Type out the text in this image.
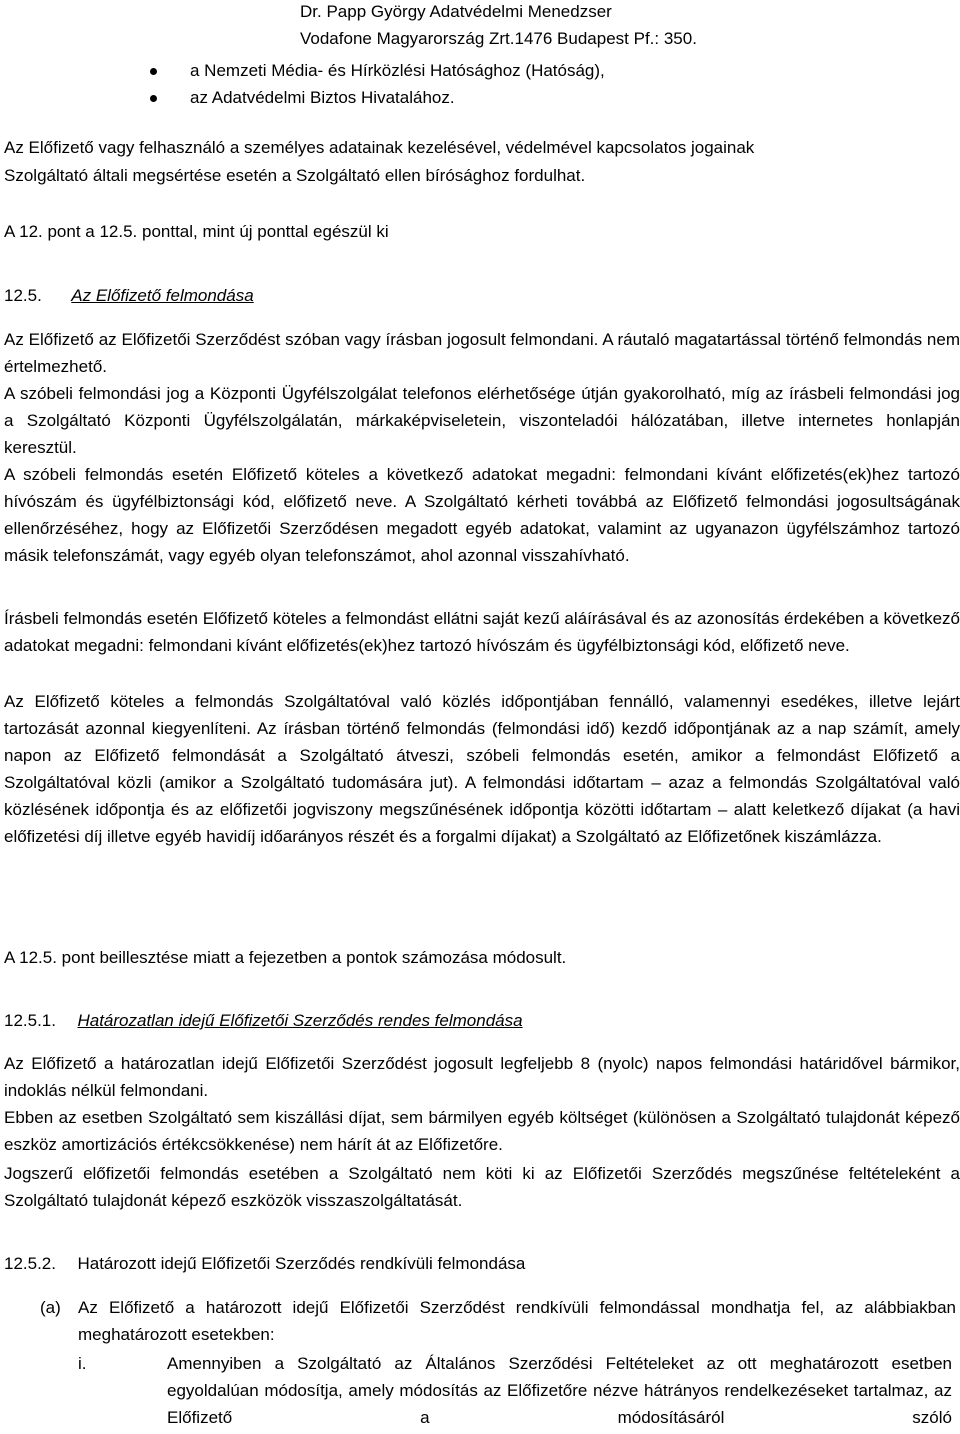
Dr. Papp György Adatvédelmi Menedzser
Vodafone Magyarország Zrt.1476 Budapest Pf.: 350.
a Nemzeti Média- és Hírközlési Hatósághoz (Hatóság),
az Adatvédelmi Biztos Hivatalához.
Az Előfizető vagy felhasználó a személyes adatainak kezelésével, védelmével kapcsolatos jogainak
Szolgáltató általi megsértése esetén a Szolgáltató ellen bírósághoz fordulhat.
A 12. pont a 12.5. ponttal, mint új ponttal egészül ki
12.5. Az Előfizető felmondása
Az Előfizető az Előfizetői Szerződést szóban vagy írásban jogosult felmondani. A ráutaló magatartással történő felmondás nem értelmezhető.
A szóbeli felmondási jog a Központi Ügyfélszolgálat telefonos elérhetősége útján gyakorolható, míg az írásbeli felmondási jog a Szolgáltató Központi Ügyfélszolgálatán, márkaképviseletein, viszonteladói hálózatában, illetve internetes honlapján keresztül.
A szóbeli felmondás esetén Előfizető köteles a következő adatokat megadni: felmondani kívánt előfizetés(ek)hez tartozó hívószám és ügyfélbiztonsági kód, előfizető neve. A Szolgáltató kérheti továbbá az Előfizető felmondási jogosultságának ellenőrzéséhez, hogy az Előfizetői Szerződésen megadott egyéb adatokat, valamint az ugyanazon ügyfélszámhoz tartozó másik telefonszámát, vagy egyéb olyan telefonszámot, ahol azonnal visszahívható.
Írásbeli felmondás esetén Előfizető köteles a felmondást ellátni saját kezű aláírásával és az azonosítás érdekében a következő adatokat megadni: felmondani kívánt előfizetés(ek)hez tartozó hívószám és ügyfélbiztonsági kód, előfizető neve.
Az Előfizető köteles a felmondás Szolgáltatóval való közlés időpontjában fennálló, valamennyi esedékes, illetve lejárt tartozását azonnal kiegyenlíteni. Az írásban történő felmondás (felmondási idő) kezdő időpontjának az a nap számít, amely napon az Előfizető felmondását a Szolgáltató átveszi, szóbeli felmondás esetén, amikor a felmondást Előfizető a Szolgáltatóval közli (amikor a Szolgáltató tudomására jut). A felmondási időtartam – azaz a felmondás Szolgáltatóval való közlésének időpontja és az előfizetői jogviszony megszűnésének időpontja közötti időtartam – alatt keletkező díjakat (a havi előfizetési díj illetve egyéb havidíj időarányos részét és a forgalmi díjakat) a Szolgáltató az Előfizetőnek kiszámlázza.
A 12.5. pont beillesztése miatt a fejezetben a pontok számozása módosult.
12.5.1. Határozatlan idejű Előfizetői Szerződés rendes felmondása
Az Előfizető a határozatlan idejű Előfizetői Szerződést jogosult legfeljebb 8 (nyolc) napos felmondási határidővel bármikor, indoklás nélkül felmondani.
Ebben az esetben Szolgáltató sem kiszállási díjat, sem bármilyen egyéb költséget (különösen a Szolgáltató tulajdonát képező eszköz amortizációs értékcsökkenése) nem hárít át az Előfizetőre.
Jogszerű előfizetői felmondás esetében a Szolgáltató nem köti ki az Előfizetői Szerződés megszűnése feltételeként a Szolgáltató tulajdonát képező eszközök visszaszolgáltatását.
12.5.2. Határozott idejű Előfizetői Szerződés rendkívüli felmondása
(a) Az Előfizető a határozott idejű Előfizetői Szerződést rendkívüli felmondással mondhatja fel, az alábbiakban meghatározott esetekben:
i.	Amennyiben a Szolgáltató az Általános Szerződési Feltételeket az ott meghatározott esetben egyoldalúan módosítja, amely módosítás az Előfizetőre nézve hátrányos rendelkezéseket tartalmaz, az Előfizető a módosításáról szóló
